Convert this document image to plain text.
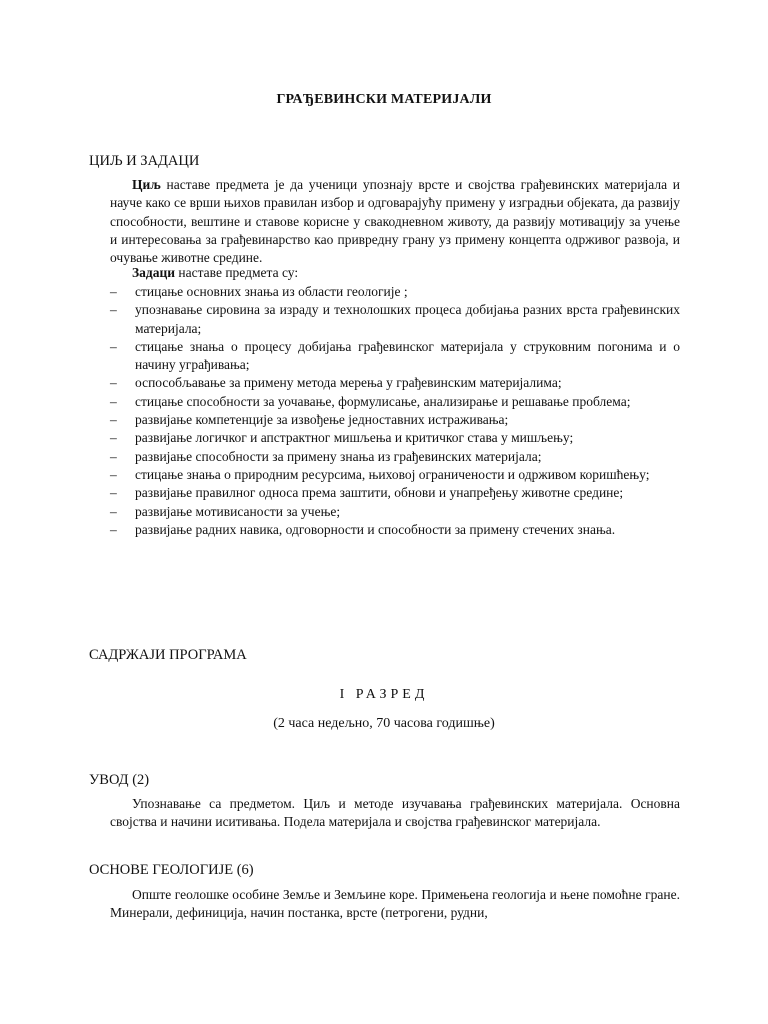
ГРАЂЕВИНСКИ МАТЕРИЈАЛИ
ЦИЉ И ЗАДАЦИ
Циљ наставе предмета је да ученици упознају врсте и својства грађевинских материјала и науче како се врши њихов правилан избор и одговарајућу примену у изградњи објеката, да развију способности, вештине и ставове корисне у свакодневном животу, да развију мотивацију за учење и интересовања за грађевинарство као привредну грану уз примену концепта одрживог развоја, и очување животне средине.
Задаци наставе предмета су:
– стицање основних знања из области геологије ;
– упознавање сировина за израду и технолошких процеса добијања разних врста грађевинских материјала;
– стицање знања о процесу добијања грађевинског материјала у струковним погонима и о начину уграђивања;
– оспособљавање за примену метода мерења у грађевинским материјалима;
– стицање способности за уочавање, формулисање, анализирање и решавање проблема;
– развијање компетенције за извођење једноставних истраживања;
– развијање логичког и апстрактног мишљења и критичког става у мишљењу;
– развијање способности за примену знања из грађевинских материјала;
– стицање знања о природним ресурсима, њиховој ограничености и одрживом коришћењу;
– развијање правилног односа према заштити, обнови и унапређењу животне средине;
– развијање мотивисаности за учење;
– развијање радних навика, одговорности и способности за примену стечених знања.
САДРЖАЈИ ПРОГРАМА
I РАЗРЕД
(2 часа недељно, 70 часова годишње)
УВОД (2)
Упознавање са предметом. Циљ и методе изучавања грађевинских материјала. Основна својства и начини иситивања. Подела материјала и својства грађевинског материјала.
ОСНОВЕ ГЕОЛОГИЈЕ (6)
Опште геолошке особине Земље и Земљине коре. Примењена геологија и њене помоћне гране. Минерали, дефиниција, начин постанка, врсте (петрогени, рудни,
